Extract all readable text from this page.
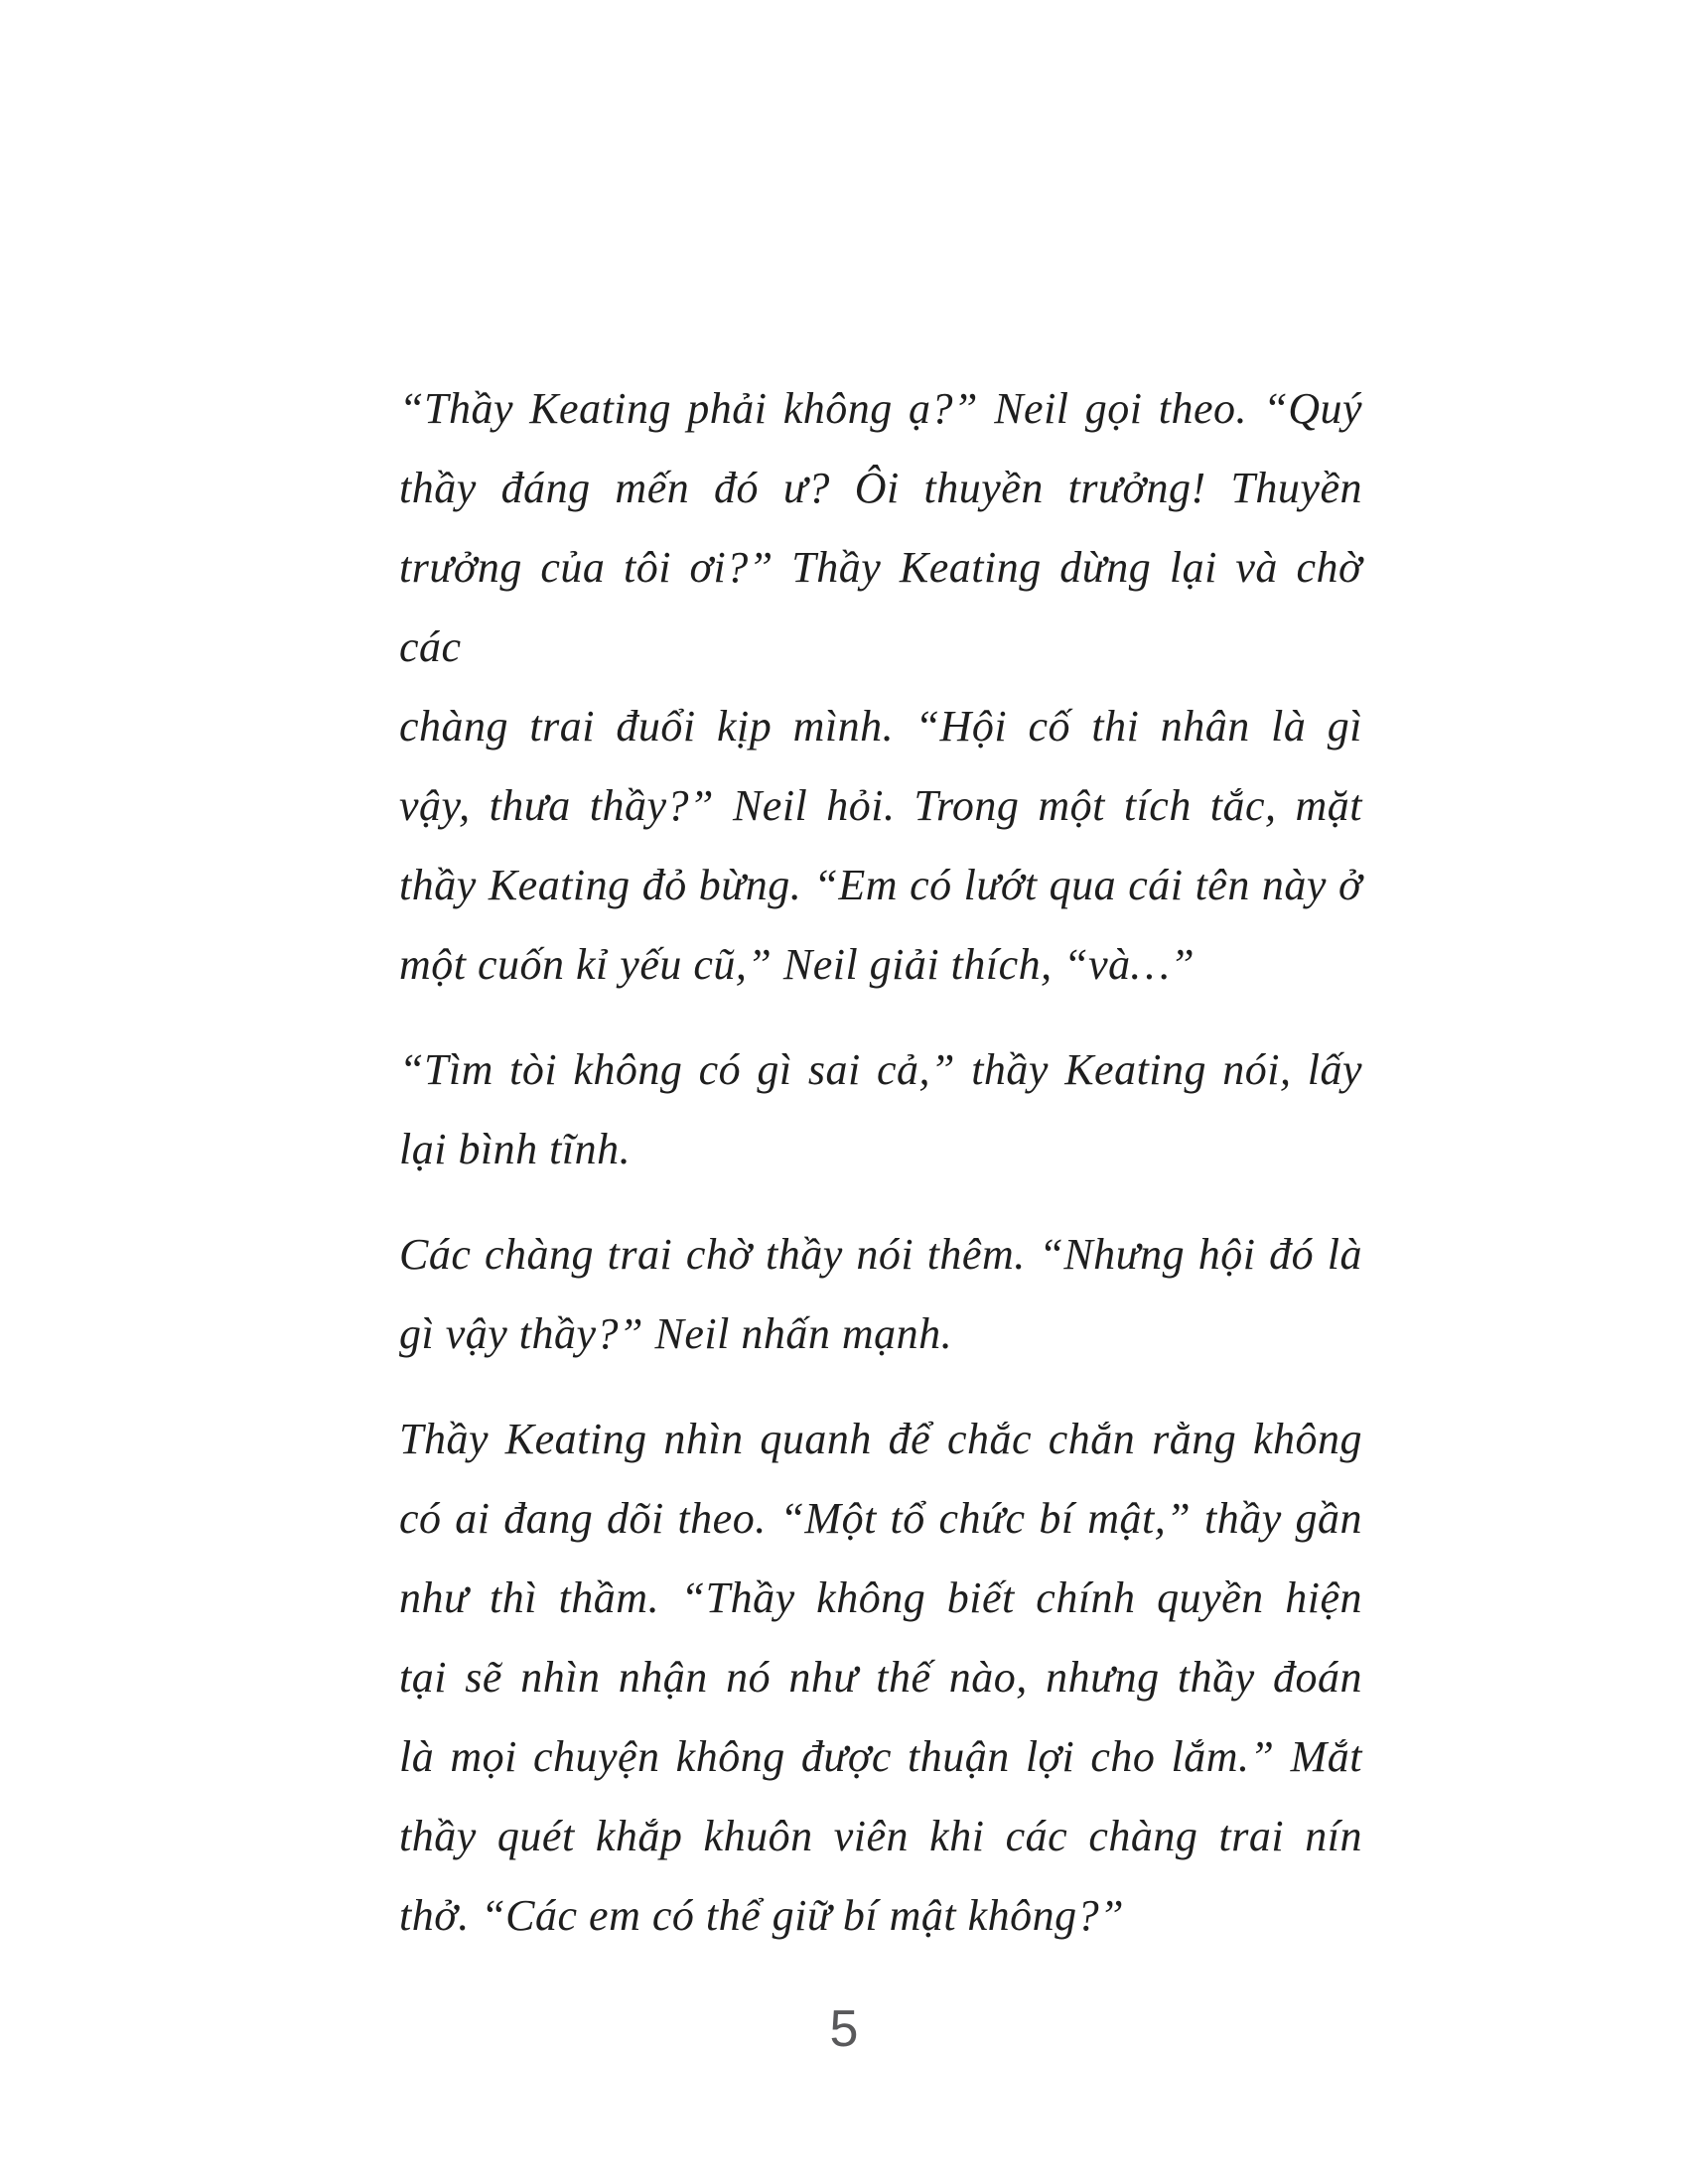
“Thầy Keating phải không ạ?” Neil gọi theo. “Quý
thầy đáng mến đó ư? Ôi thuyền trưởng! Thuyền
trưởng của tôi ơi?” Thầy Keating dừng lại và chờ các
chàng trai đuổi kịp mình. “Hội cố thi nhân là gì
vậy, thưa thầy?” Neil hỏi. Trong một tích tắc, mặt
thầy Keating đỏ bừng. “Em có lướt qua cái tên này ở
một cuốn kỉ yếu cũ,” Neil giải thích, “và…”

“Tìm tòi không có gì sai cả,” thầy Keating nói, lấy
lại bình tĩnh.

Các chàng trai chờ thầy nói thêm. “Nhưng hội đó là
gì vậy thầy?” Neil nhấn mạnh.

Thầy Keating nhìn quanh để chắc chắn rằng không
có ai đang dõi theo. “Một tổ chức bí mật,” thầy gần
như thì thầm. “Thầy không biết chính quyền hiện
tại sẽ nhìn nhận nó như thế nào, nhưng thầy đoán
là mọi chuyện không được thuận lợi cho lắm.” Mắt
thầy quét khắp khuôn viên khi các chàng trai nín
thở. “Các em có thể giữ bí mật không?”

5
